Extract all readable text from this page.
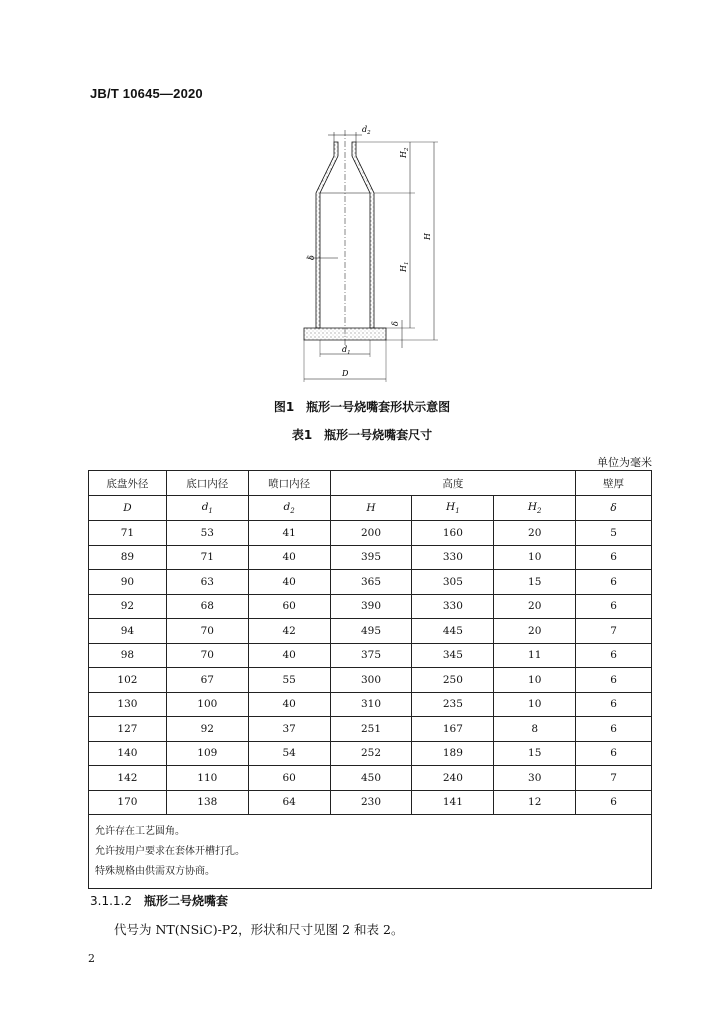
JB/T 10645—2020
$d_2$
$H_2$
H
$H_1$
δ
δ
$d_1$
D
图1　瓶形一号烧嘴套形状示意图
表1　瓶形一号烧嘴套尺寸
单位为毫米
底盘外径	底口内径	喷口内径	高度			壁厚
D	$d_1$	$d_2$	H	$H_1$	$H_2$	δ
71	53	41	200	160	20	5
89	71	40	395	330	10	6
90	63	40	365	305	15	6
92	68	60	390	330	20	6
94	70	42	495	445	20	7
98	70	40	375	345	11	6
102	67	55	300	250	10	6
130	100	40	310	235	10	6
127	92	37	251	167	8	6
140	109	54	252	189	15	6
142	110	60	450	240	30	7
170	138	64	230	141	12	6

允许存在工艺圆角。
允许按用户要求在套体开槽打孔。
特殊规格由供需双方协商。						
3.1.1.2 瓶形二号烧嘴套
代号为 NT(NSiC)-P2，形状和尺寸见图 2 和表 2。
2
